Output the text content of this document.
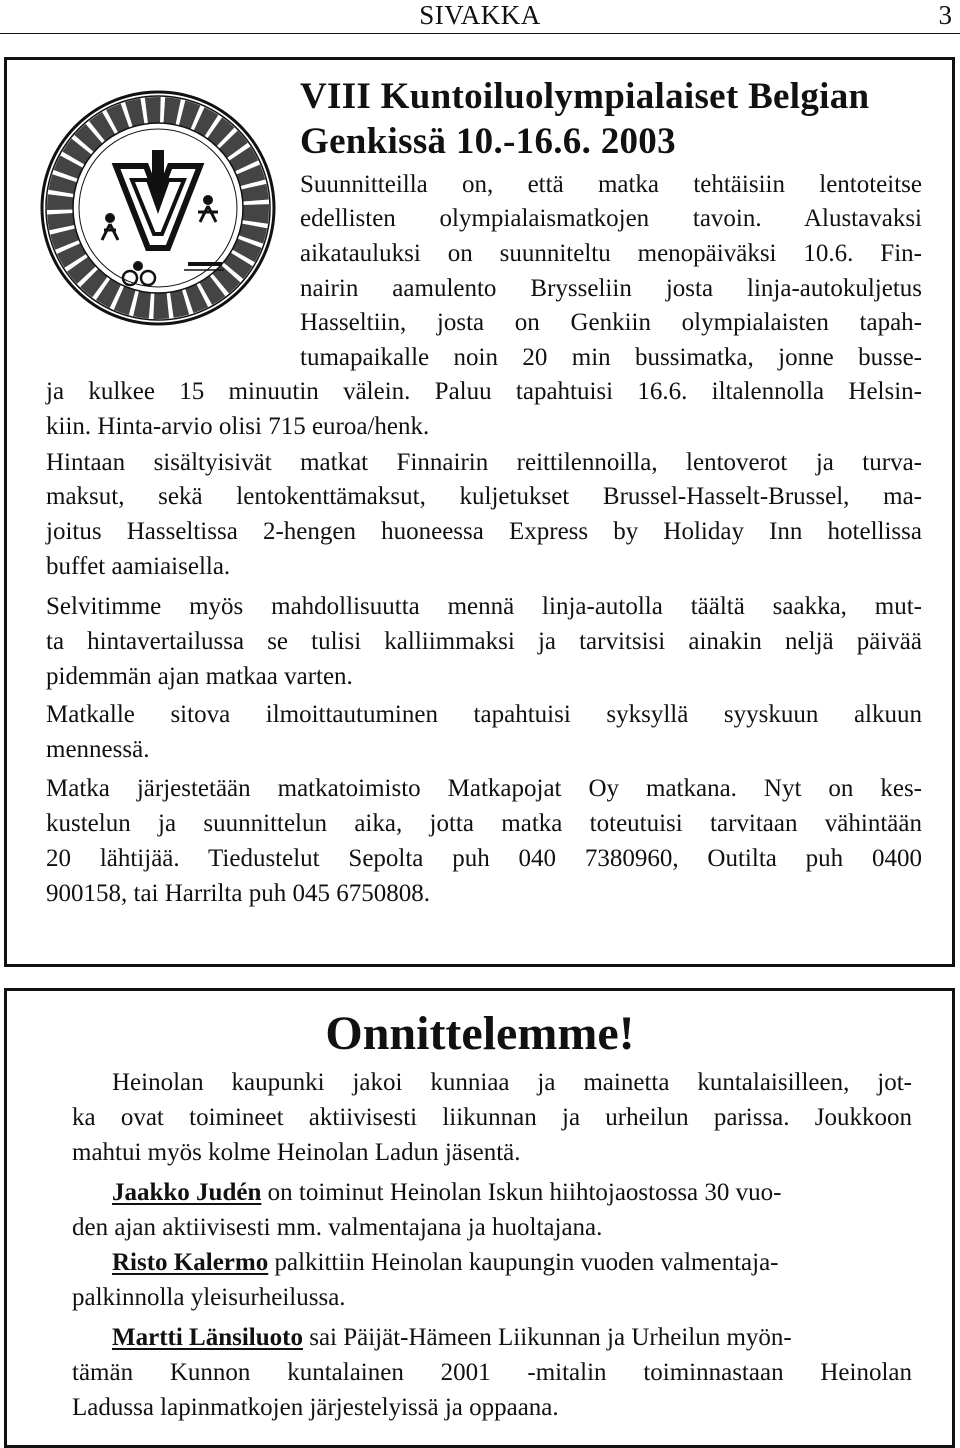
SIVAKKA	3
VIII Kuntoiluolympialaiset Belgian
Genkissä 10.-16.6. 2003
Suunnitteilla on, että matka tehtäisiin lentoteitse
edellisten olympialaismatkojen tavoin. Alustavaksi
aikatauluksi on suunniteltu menopäiväksi 10.6. Fin-
nairin aamulento Brysseliin josta linja-autokuljetus
Hasseltiin, josta on Genkiin olympialaisten tapah-
tumapaikalle noin 20 min bussimatka, jonne busse-
ja kulkee 15 minuutin välein. Paluu tapahtuisi 16.6. iltalennolla Helsin-
kiin. Hinta-arvio olisi 715 euroa/henk.
Hintaan sisältyisivät matkat Finnairin reittilennoilla, lentoverot ja turva-
maksut, sekä lentokenttämaksut, kuljetukset Brussel-Hasselt-Brussel, ma-
joitus Hasseltissa 2-hengen huoneessa Express by Holiday Inn hotellissa
buffet aamiaisella.
Selvitimme myös mahdollisuutta mennä linja-autolla täältä saakka, mut-
ta hintavertailussa se tulisi kalliimmaksi ja tarvitsisi ainakin neljä päivää
pidemmän ajan matkaa varten.
Matkalle sitova ilmoittautuminen tapahtuisi syksyllä syyskuun alkuun
mennessä.
Matka järjestetään matkatoimisto Matkapojat Oy matkana. Nyt on kes-
kustelun ja suunnittelun aika, jotta matka toteutuisi tarvitaan vähintään
20 lähtijää. Tiedustelut Sepolta puh 040 7380960, Outilta puh 0400
900158, tai Harrilta puh 045 6750808.
Onnittelemme!
Heinolan kaupunki jakoi kunniaa ja mainetta kuntalaisilleen, jot-
ka ovat toimineet aktiivisesti liikunnan ja urheilun parissa. Joukkoon
mahtui myös kolme Heinolan Ladun jäsentä.
Jaakko Judén on toiminut Heinolan Iskun hiihtojaostossa 30 vuo-
den ajan aktiivisesti mm. valmentajana ja huoltajana.
Risto Kalermo palkittiin Heinolan kaupungin vuoden valmentaja-
palkinnolla yleisurheilussa.
Martti Länsiluoto sai Päijät-Hämeen Liikunnan ja Urheilun myön-
tämän Kunnon kuntalainen 2001 -mitalin toiminnastaan Heinolan
Ladussa lapinmatkojen järjestelyissä ja oppaana.
